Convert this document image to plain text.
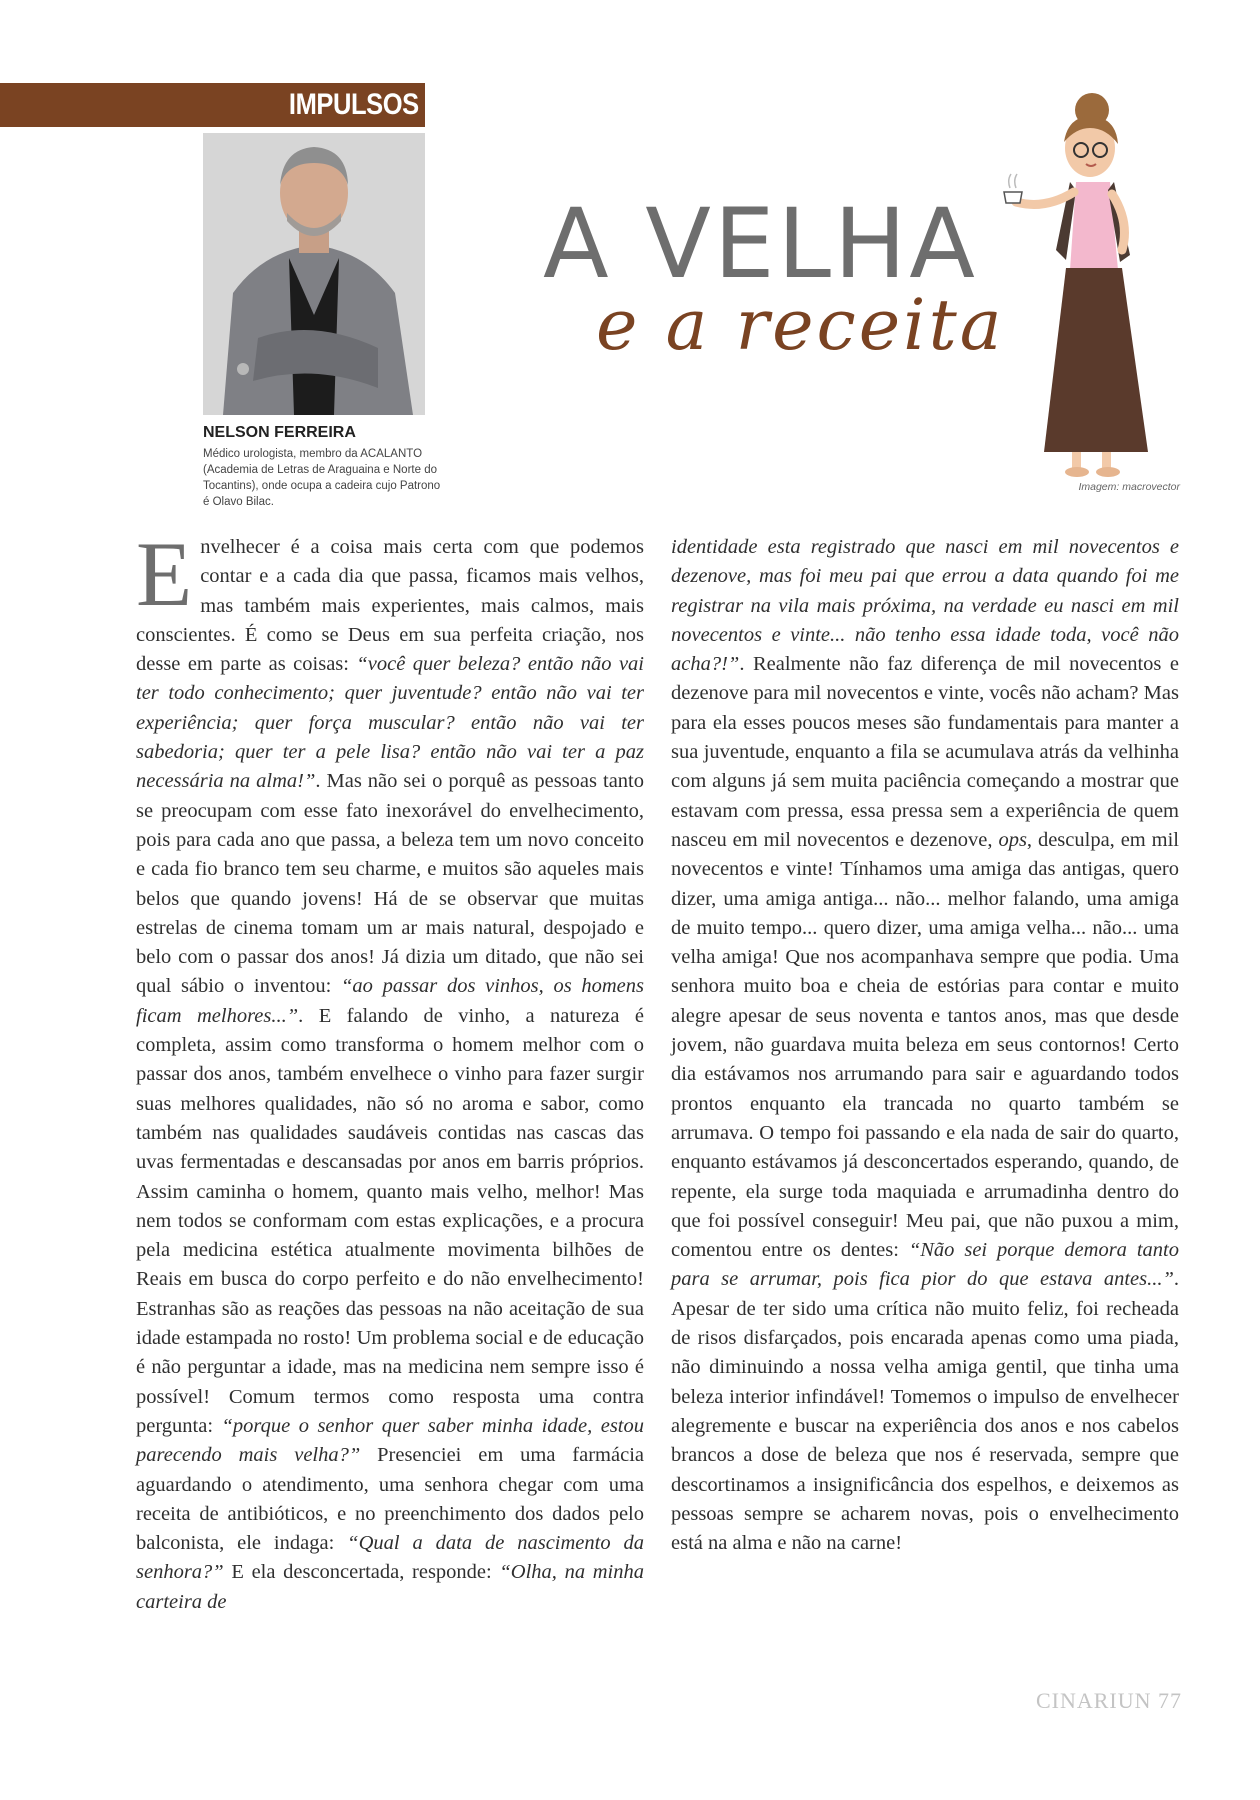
IMPULSOS
NELSON FERREIRA
Médico urologista, membro da ACALANTO (Academia de Letras de Araguaina e Norte do Tocantins), onde ocupa a cadeira cujo Patrono é Olavo Bilac.
A VELHA
e a receita
Imagem: macrovector
E nvelhecer é a coisa mais certa com que podemos contar e a cada dia que passa, ficamos mais velhos, mas também mais experientes, mais calmos, mais conscientes. É como se Deus em sua perfeita criação, nos desse em parte as coisas: “você quer beleza? então não vai ter todo conhecimento; quer juventude? então não vai ter experiência; quer força muscular? então não vai ter sabedoria; quer ter a pele lisa? então não vai ter a paz necessária na alma!”. Mas não sei o porquê as pessoas tanto se preocupam com esse fato inexorável do envelhecimento, pois para cada ano que passa, a beleza tem um novo conceito e cada fio branco tem seu charme, e muitos são aqueles mais belos que quando jovens! Há de se observar que muitas estrelas de cinema tomam um ar mais natural, despojado e belo com o passar dos anos! Já dizia um ditado, que não sei qual sábio o inventou: “ao passar dos vinhos, os homens ficam melhores...”. E falando de vinho, a natureza é completa, assim como transforma o homem melhor com o passar dos anos, também envelhece o vinho para fazer surgir suas melhores qualidades, não só no aroma e sabor, como também nas qualidades saudáveis contidas nas cascas das uvas fermentadas e descansadas por anos em barris próprios. Assim caminha o homem, quanto mais velho, melhor! Mas nem todos se conformam com estas explicações, e a procura pela medicina estética atualmente movimenta bilhões de Reais em busca do corpo perfeito e do não envelhecimento! Estranhas são as reações das pessoas na não aceitação de sua idade estampada no rosto! Um problema social e de educação é não perguntar a idade, mas na medicina nem sempre isso é possível! Comum termos como resposta uma contra pergunta: “porque o senhor quer saber minha idade, estou parecendo mais velha?” Presenciei em uma farmácia aguardando o atendimento, uma senhora chegar com uma receita de antibióticos, e no preenchimento dos dados pelo balconista, ele indaga: “Qual a data de nascimento da senhora?” E ela desconcertada, responde: “Olha, na minha carteira de
identidade esta registrado que nasci em mil novecentos e dezenove, mas foi meu pai que errou a data quando foi me registrar na vila mais próxima, na verdade eu nasci em mil novecentos e vinte... não tenho essa idade toda, você não acha?!”. Realmente não faz diferença de mil novecentos e dezenove para mil novecentos e vinte, vocês não acham? Mas para ela esses poucos meses são fundamentais para manter a sua juventude, enquanto a fila se acumulava atrás da velhinha com alguns já sem muita paciência começando a mostrar que estavam com pressa, essa pressa sem a experiência de quem nasceu em mil novecentos e dezenove, ops, desculpa, em mil novecentos e vinte! Tínhamos uma amiga das antigas, quero dizer, uma amiga antiga... não... melhor falando, uma amiga de muito tempo... quero dizer, uma amiga velha... não... uma velha amiga! Que nos acompanhava sempre que podia. Uma senhora muito boa e cheia de estórias para contar e muito alegre apesar de seus noventa e tantos anos, mas que desde jovem, não guardava muita beleza em seus contornos! Certo dia estávamos nos arrumando para sair e aguardando todos prontos enquanto ela trancada no quarto também se arrumava. O tempo foi passando e ela nada de sair do quarto, enquanto estávamos já desconcertados esperando, quando, de repente, ela surge toda maquiada e arrumadinha dentro do que foi possível conseguir! Meu pai, que não puxou a mim, comentou entre os dentes: “Não sei porque demora tanto para se arrumar, pois fica pior do que estava antes...”. Apesar de ter sido uma crítica não muito feliz, foi recheada de risos disfarçados, pois encarada apenas como uma piada, não diminuindo a nossa velha amiga gentil, que tinha uma beleza interior infindável! Tomemos o impulso de envelhecer alegremente e buscar na experiência dos anos e nos cabelos brancos a dose de beleza que nos é reservada, sempre que descortinamos a insignificância dos espelhos, e deixemos as pessoas sempre se acharem novas, pois o envelhecimento está na alma e não na carne!
CINARIUN 77
